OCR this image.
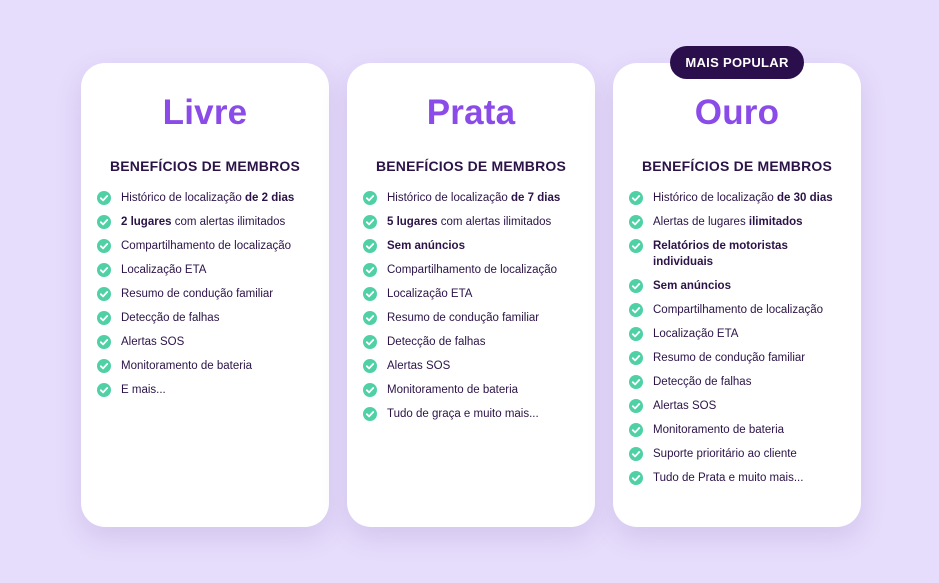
MAIS POPULAR
Livre
BENEFÍCIOS DE MEMBROS
Histórico de localização de 2 dias
2 lugares com alertas ilimitados
Compartilhamento de localização
Localização ETA
Resumo de condução familiar
Detecção de falhas
Alertas SOS
Monitoramento de bateria
E mais...
Prata
BENEFÍCIOS DE MEMBROS
Histórico de localização de 7 dias
5 lugares com alertas ilimitados
Sem anúncios
Compartilhamento de localização
Localização ETA
Resumo de condução familiar
Detecção de falhas
Alertas SOS
Monitoramento de bateria
Tudo de graça e muito mais...
Ouro
BENEFÍCIOS DE MEMBROS
Histórico de localização de 30 dias
Alertas de lugares ilimitados
Relatórios de motoristas individuais
Sem anúncios
Compartilhamento de localização
Localização ETA
Resumo de condução familiar
Detecção de falhas
Alertas SOS
Monitoramento de bateria
Suporte prioritário ao cliente
Tudo de Prata e muito mais...
